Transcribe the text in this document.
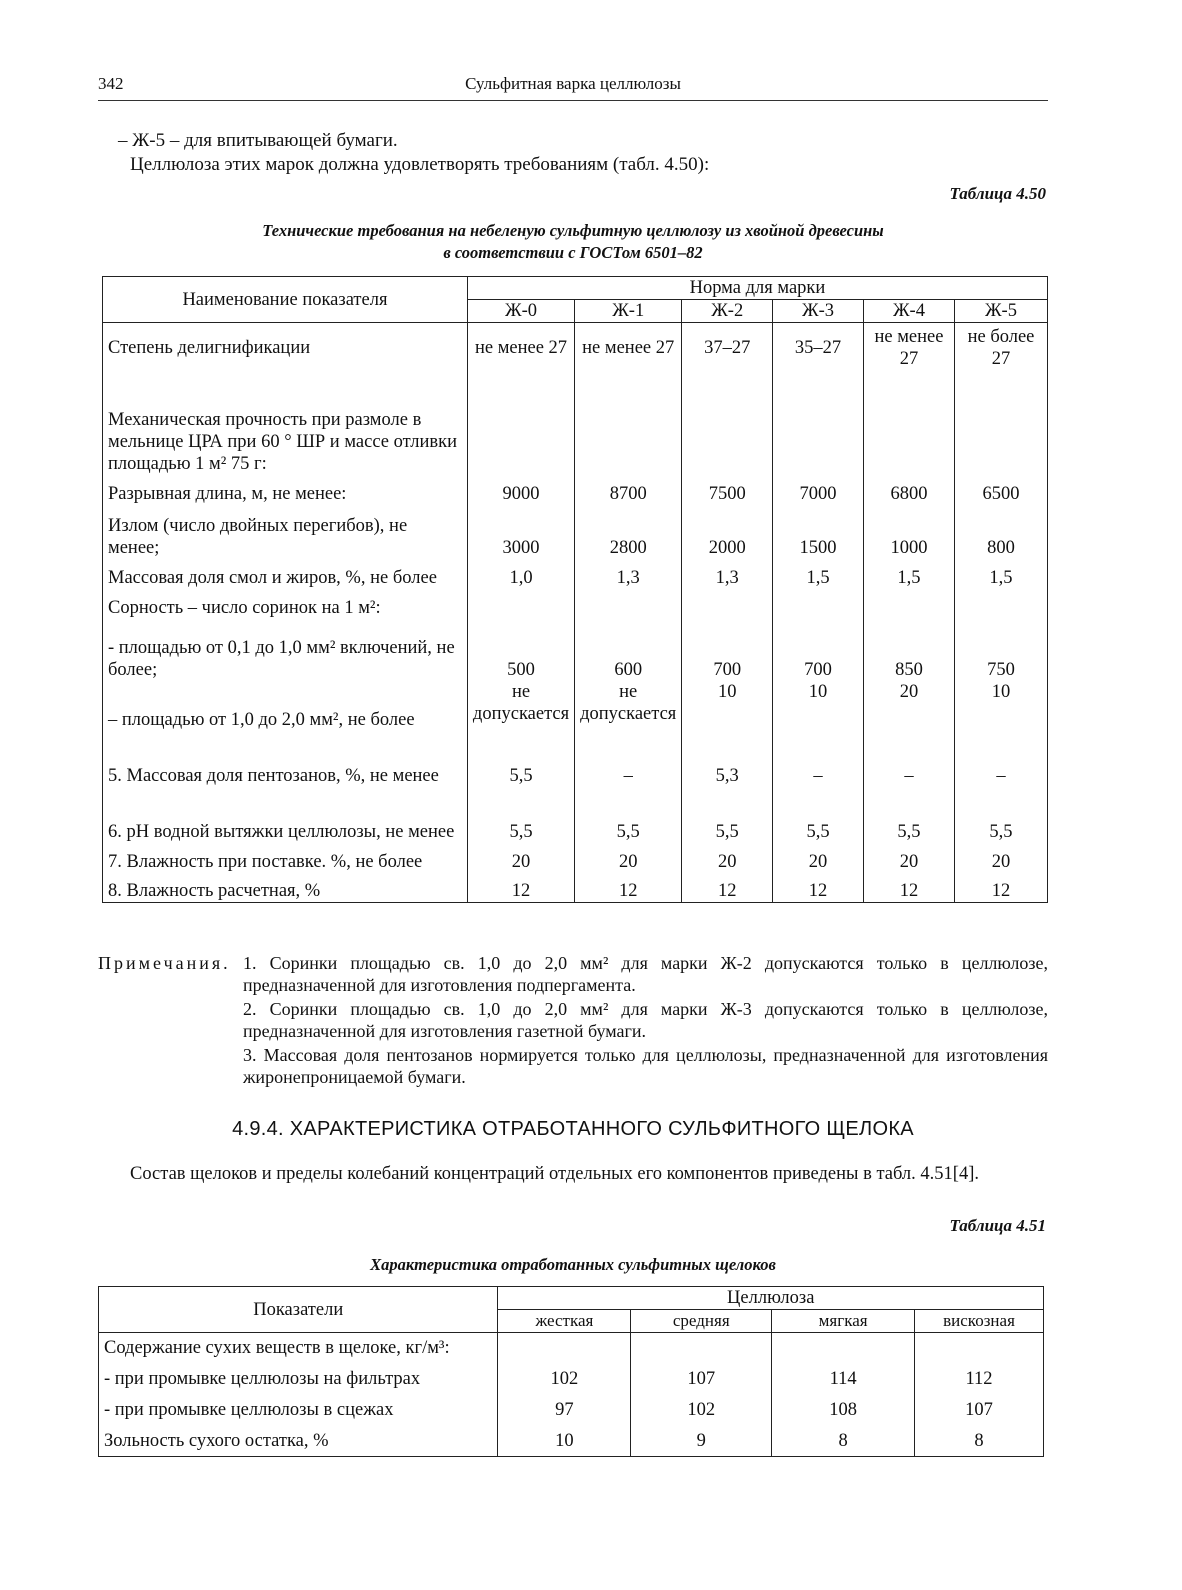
342	Сульфитная варка целлюлозы
– Ж-5 – для впитывающей бумаги.
Целлюлоза этих марок должна удовлетворять требованиям (табл. 4.50):
Таблица 4.50
Технические требования на небеленую сульфитную целлюлозу из хвойной древесины
в соответствии с ГОСТом 6501–82
Наименование показателя	Норма для марки					
	Ж-0	Ж-1	Ж-2	Ж-3	Ж-4	Ж-5
Степень делигнификации	не менее 27	не менее 27	37–27	35–27	не менее 27	не более 27
Механическая прочность при размоле в мельнице ЦРА при 60 ° ШР и массе отливки площадью 1 м² 75 г:						
Разрывная длина, м, не менее:	9000	8700	7500	7000	6800	6500
Излом (число двойных перегибов), не менее;	3000	2800	2000	1500	1000	800
Массовая доля смол и жиров, %, не более	1,0	1,3	1,3	1,5	1,5	1,5
Сорность – число соринок на 1 м²:						
- площадью от 0,1 до 1,0 мм² включений, не более;	500	600	700	700	850	750
– площадью от 1,0 до 2,0 мм², не более	не допускается	не допускается	10	10	20	10
5. Массовая доля пентозанов, %, не менее	5,5	–	5,3	–	–	–
6. pH водной вытяжки целлюлозы, не менее	5,5	5,5	5,5	5,5	5,5	5,5
7. Влажность при поставке. %, не более	20	20	20	20	20	20
8. Влажность расчетная, %	12	12	12	12	12	12
Примечания. 1. Соринки площадью св. 1,0 до 2,0 мм² для марки Ж-2 допускаются только в целлюлозе, предназначенной для изготовления подпергамента.
2. Соринки площадью св. 1,0 до 2,0 мм² для марки Ж-3 допускаются только в целлюлозе, предназначенной для изготовления газетной бумаги.
3. Массовая доля пентозанов нормируется только для целлюлозы, предназначенной для изготовления жиронепроницаемой бумаги.
4.9.4. ХАРАКТЕРИСТИКА ОТРАБОТАННОГО СУЛЬФИТНОГО ЩЕЛОКА
Состав щелоков и пределы колебаний концентраций отдельных его компонентов приведены в табл. 4.51[4].
Таблица 4.51
Характеристика отработанных сульфитных щелоков
Показатели	Целлюлоза			
	жесткая	средняя	мягкая	вискозная
Содержание сухих веществ в щелоке, кг/м³:				
- при промывке целлюлозы на фильтрах	102	107	114	112
- при промывке целлюлозы в сцежах	97	102	108	107
Зольность сухого остатка, %	10	9	8	8
